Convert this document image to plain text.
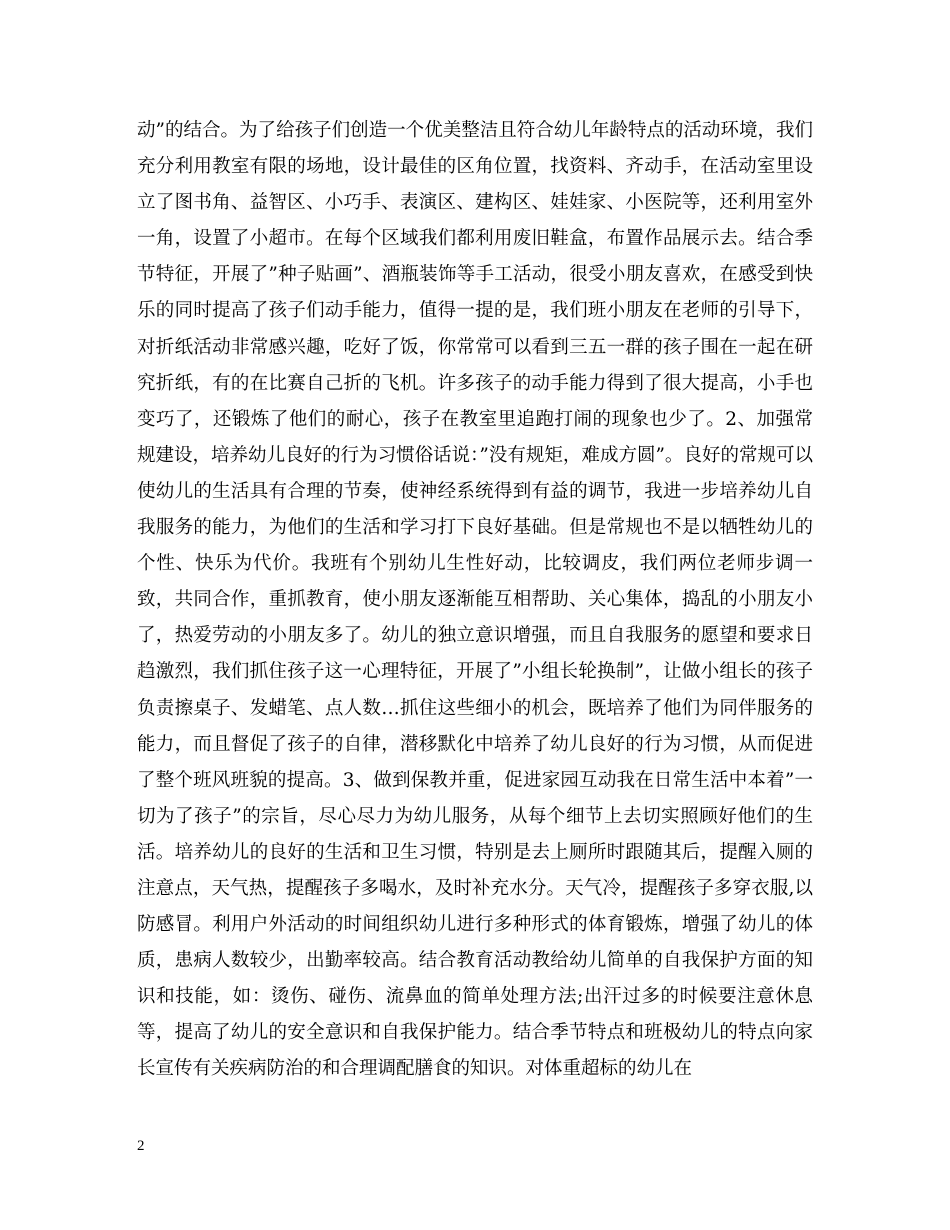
动”的结合。为了给孩子们创造一个优美整洁且符合幼儿年龄特点的活动环境，我们充分利用教室有限的场地，设计最佳的区角位置，找资料、齐动手，在活动室里设立了图书角、益智区、小巧手、表演区、建构区、娃娃家、小医院等，还利用室外一角，设置了小超市。在每个区域我们都利用废旧鞋盒，布置作品展示去。结合季节特征，开展了”种子贴画”、酒瓶装饰等手工活动，很受小朋友喜欢，在感受到快乐的同时提高了孩子们动手能力，值得一提的是，我们班小朋友在老师的引导下，对折纸活动非常感兴趣，吃好了饭，你常常可以看到三五一群的孩子围在一起在研究折纸，有的在比赛自己折的飞机。许多孩子的动手能力得到了很大提高，小手也变巧了，还锻炼了他们的耐心，孩子在教室里追跑打闹的现象也少了。2、加强常规建设，培养幼儿良好的行为习惯俗话说：”没有规矩，难成方圆”。良好的常规可以使幼儿的生活具有合理的节奏，使神经系统得到有益的调节，我进一步培养幼儿自我服务的能力，为他们的生活和学习打下良好基础。但是常规也不是以牺牲幼儿的个性、快乐为代价。我班有个别幼儿生性好动，比较调皮，我们两位老师步调一致，共同合作，重抓教育，使小朋友逐渐能互相帮助、关心集体，捣乱的小朋友小了，热爱劳动的小朋友多了。幼儿的独立意识增强，而且自我服务的愿望和要求日趋激烈，我们抓住孩子这一心理特征，开展了”小组长轮换制”，让做小组长的孩子负责擦桌子、发蜡笔、点人数…抓住这些细小的机会，既培养了他们为同伴服务的能力，而且督促了孩子的自律，潜移默化中培养了幼儿良好的行为习惯，从而促进了整个班风班貌的提高。3、做到保教并重，促进家园互动我在日常生活中本着”一切为了孩子”的宗旨，尽心尽力为幼儿服务，从每个细节上去切实照顾好他们的生活。培养幼儿的良好的生活和卫生习惯，特别是去上厕所时跟随其后，提醒入厕的注意点，天气热，提醒孩子多喝水，及时补充水分。天气冷，提醒孩子多穿衣服,以防感冒。利用户外活动的时间组织幼儿进行多种形式的体育锻炼，增强了幼儿的体质，患病人数较少，出勤率较高。结合教育活动教给幼儿简单的自我保护方面的知识和技能，如：烫伤、碰伤、流鼻血的简单处理方法;出汗过多的时候要注意休息等，提高了幼儿的安全意识和自我保护能力。结合季节特点和班极幼儿的特点向家长宣传有关疾病防治的和合理调配膳食的知识。对体重超标的幼儿在

2
